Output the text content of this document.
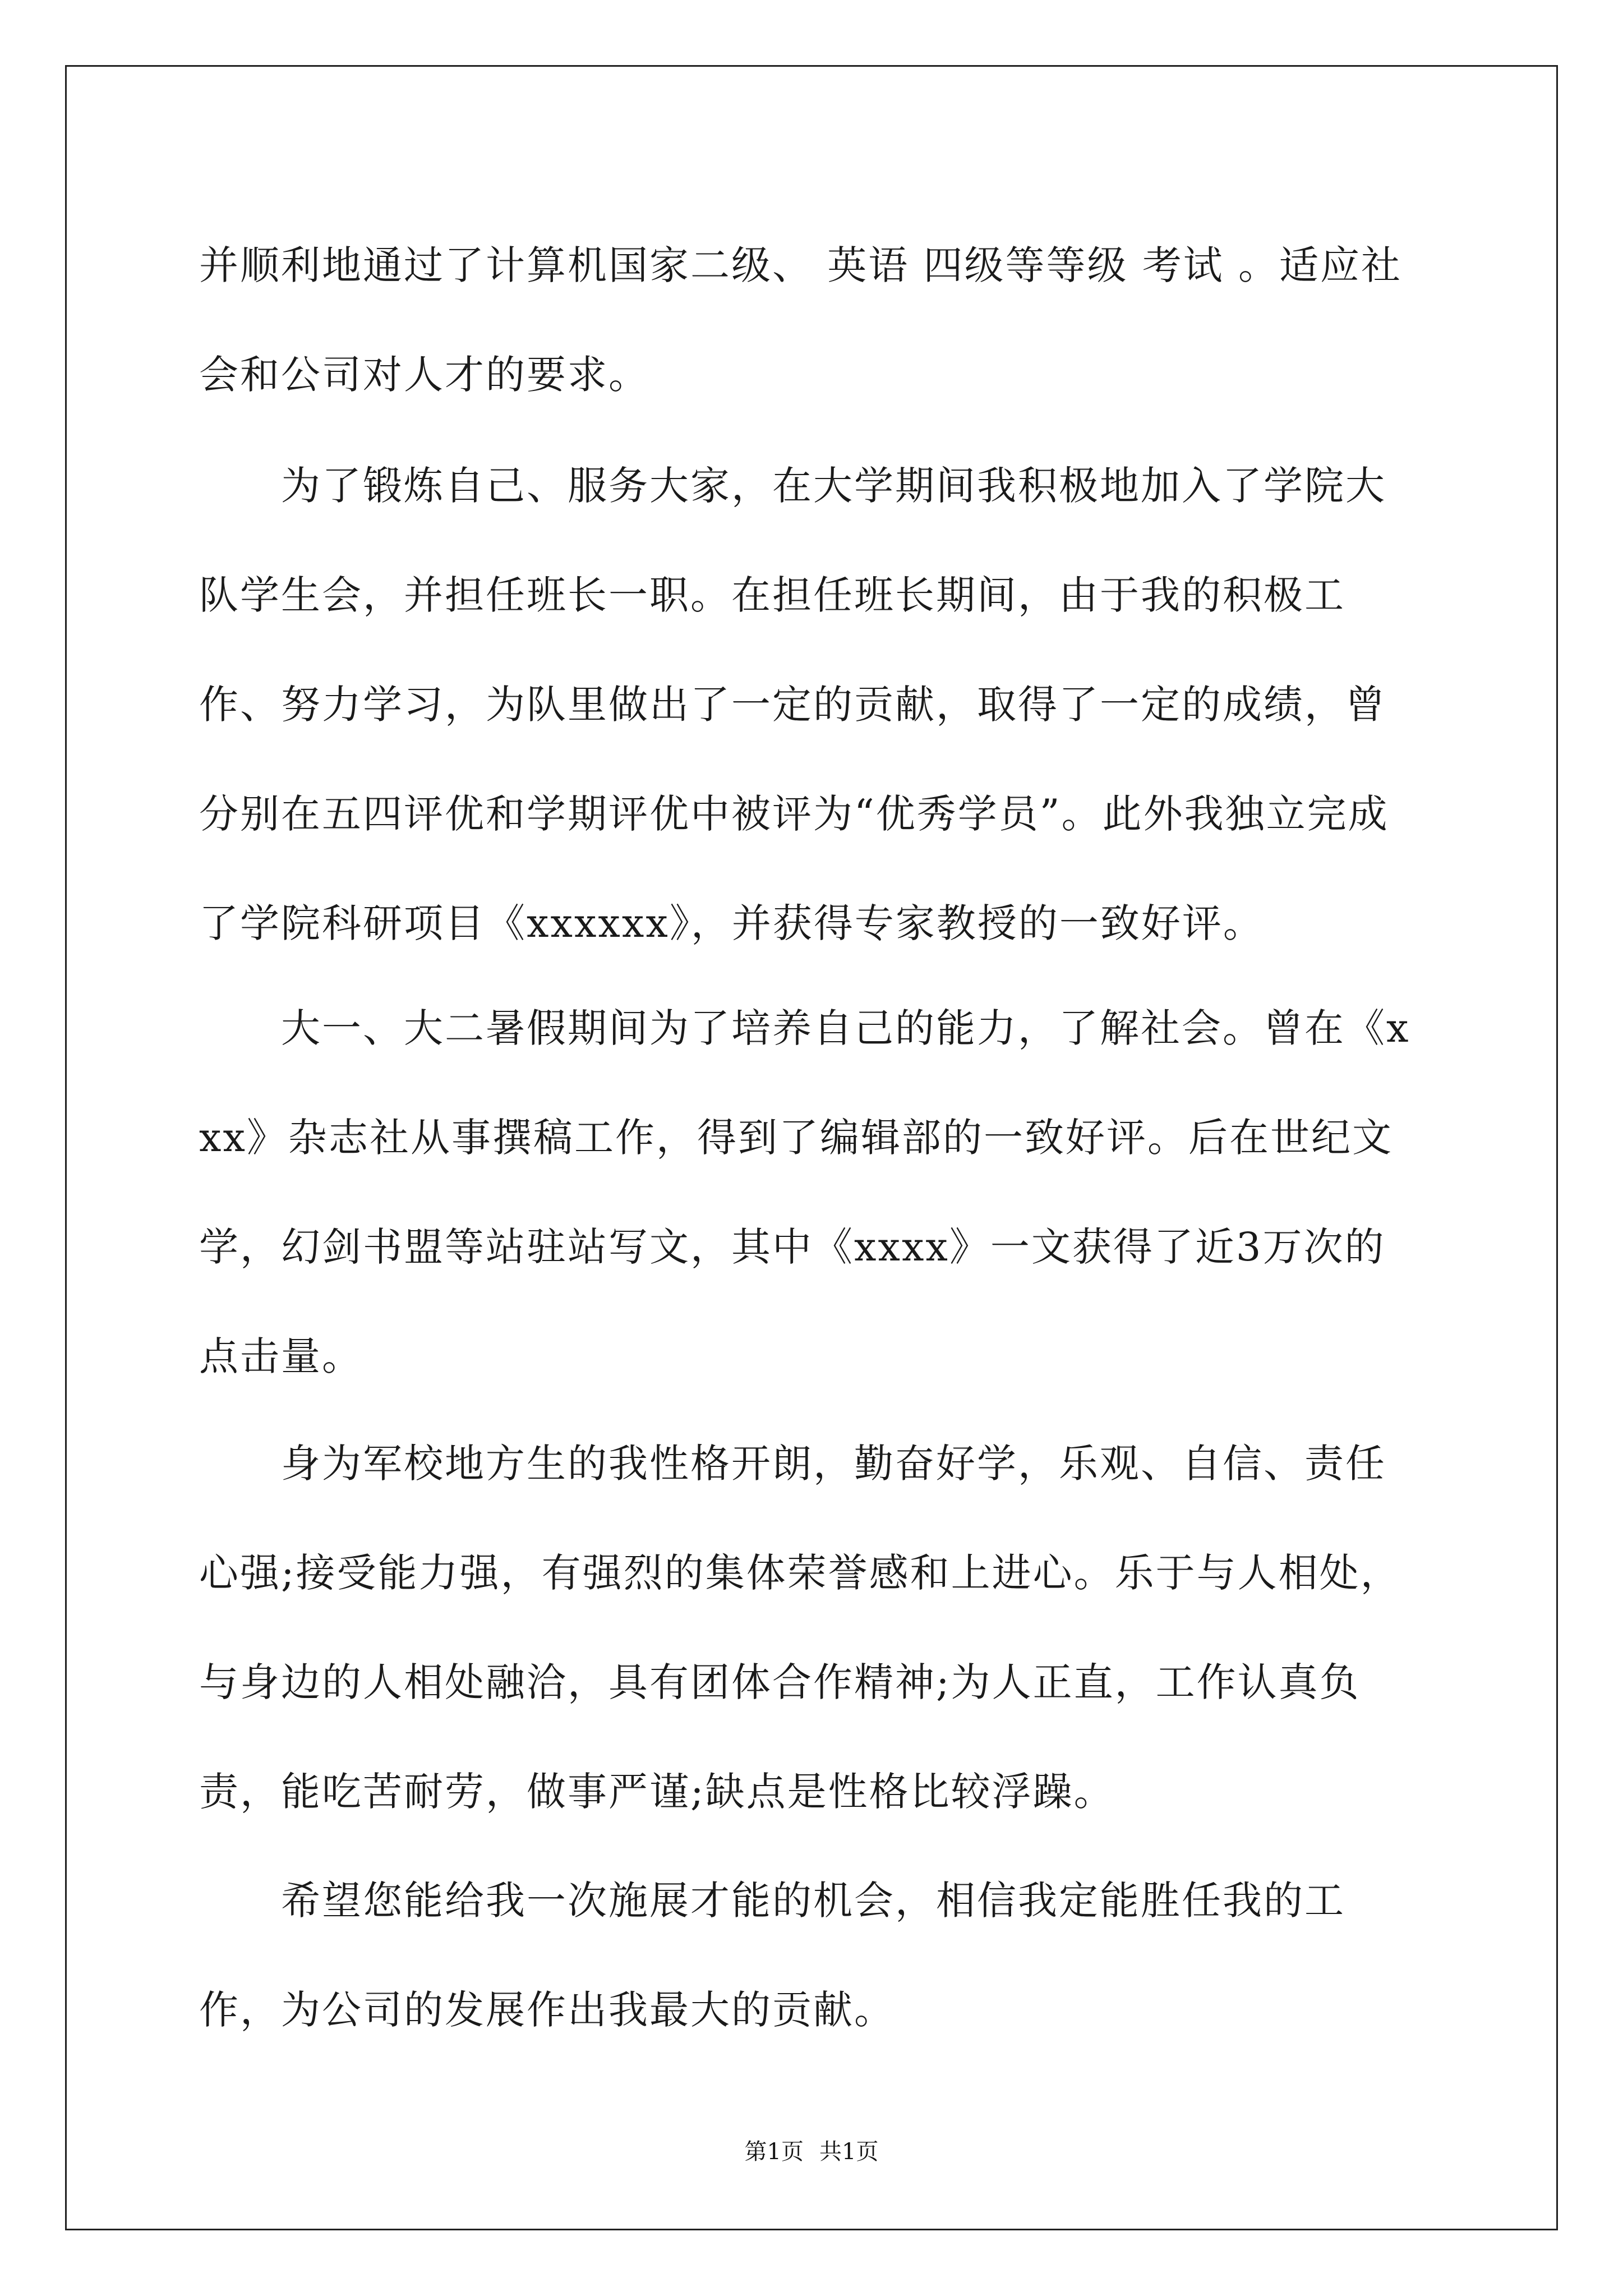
并顺利地通过了计算机国家二级、 英语 四级等等级 考试 。适应社会和公司对人才的要求。

　　为了锻炼自己、服务大家，在大学期间我积极地加入了学院大队学生会，并担任班长一职。在担任班长期间，由于我的积极工作、努力学习，为队里做出了一定的贡献，取得了一定的成绩，曾分别在五四评优和学期评优中被评为“优秀学员”。此外我独立完成了学院科研项目《xxxxxx》，并获得专家教授的一致好评。

　　大一、大二暑假期间为了培养自己的能力，了解社会。曾在《xxx》杂志社从事撰稿工作，得到了编辑部的一致好评。后在世纪文学，幻剑书盟等站驻站写文，其中《xxxx》一文获得了近3万次的点击量。

　　身为军校地方生的我性格开朗，勤奋好学，乐观、自信、责任心强;接受能力强，有强烈的集体荣誉感和上进心。乐于与人相处，与身边的人相处融洽，具有团体合作精神;为人正直，工作认真负责，能吃苦耐劳，做事严谨;缺点是性格比较浮躁。

　　希望您能给我一次施展才能的机会，相信我定能胜任我的工作，为公司的发展作出我最大的贡献。

第1页 共1页
